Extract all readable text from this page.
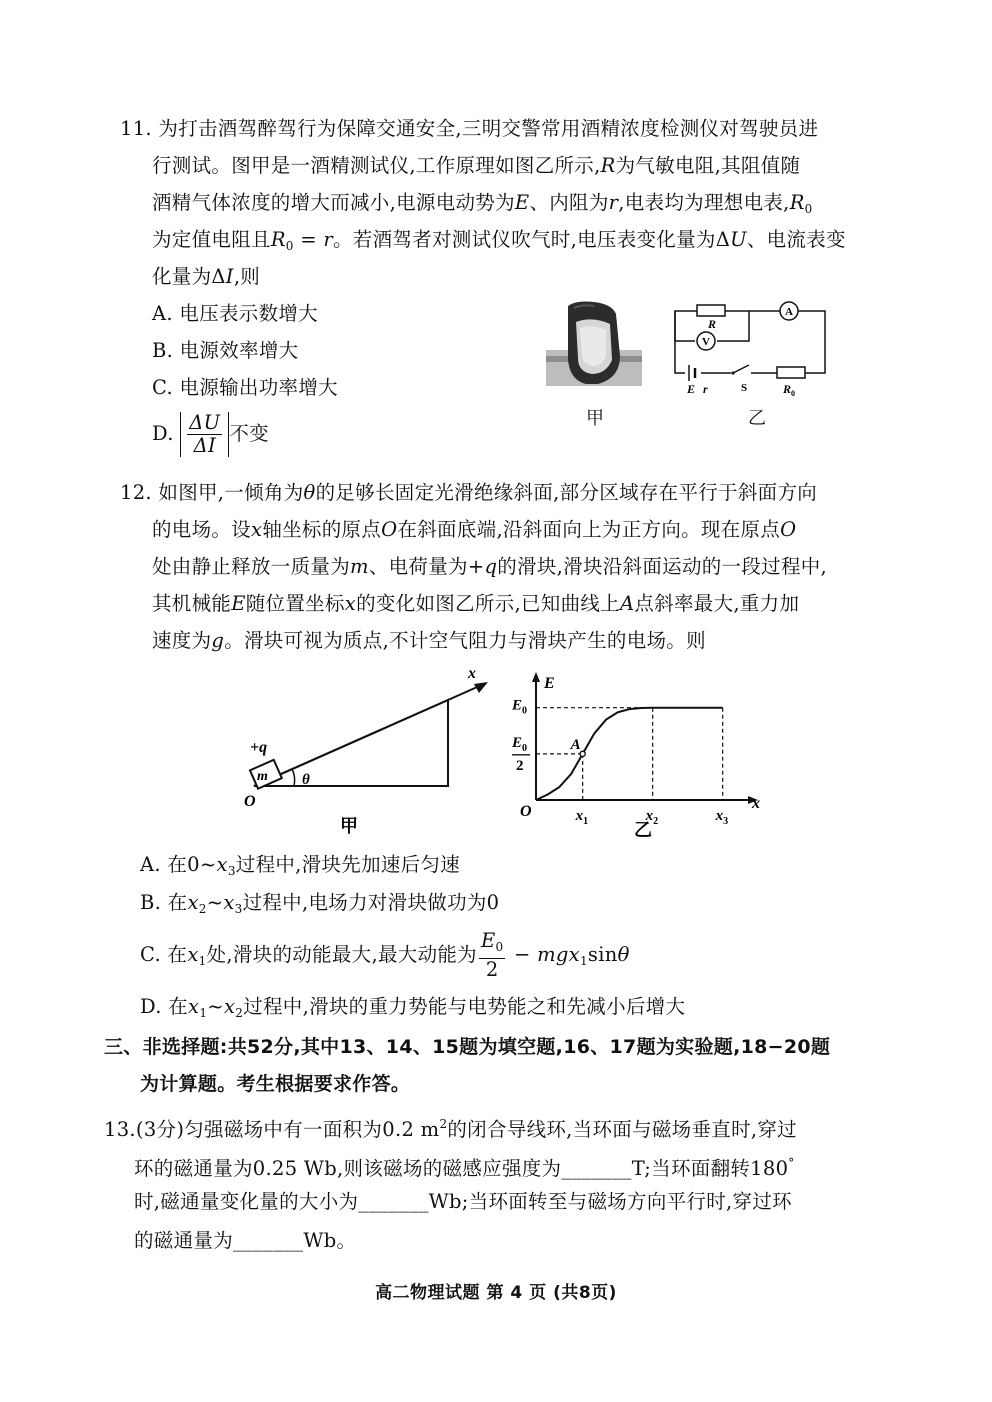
11. 为打击酒驾醉驾行为保障交通安全,三明交警常用酒精浓度检测仪对驾驶员进
行测试。图甲是一酒精测试仪,工作原理如图乙所示,R为气敏电阻,其阻值随
酒精气体浓度的增大而减小,电源电动势为E、内阻为r,电表均为理想电表$,R_0$
为定值电阻且$R_0 = r$。若酒驾者对测试仪吹气时,电压表变化量为ΔU、电流表变
化量为ΔI,则
A. 电压表示数增大
B. 电源效率增大
C. 电源输出功率增大
D. $\frac{\Delta U}{\Delta I}$ 不变
甲
R
V
A
E r	S	$R_0$
乙
12. 如图甲,一倾角为θ的足够长固定光滑绝缘斜面,部分区域存在平行于斜面方向
的电场。设x轴坐标的原点O在斜面底端,沿斜面向上为正方向。现在原点O
处由静止释放一质量为m、电荷量为+q的滑块,滑块沿斜面运动的一段过程中,
其机械能E随位置坐标x的变化如图乙所示,已知曲线上A点斜率最大,重力加
速度为g。滑块可视为质点,不计空气阻力与滑块产生的电场。则
x
m
+q
O
θ
甲
x
E
O	$x_1$	$x_2$	$x_3$
$E_0$
$E_0$
2
A
乙
A. 在$0\sim x_3$过程中,滑块先加速后匀速
B. 在$x_2\sim x_3$过程中,电场力对滑块做功为0
C. 在$x_1$处,滑块的动能最大,最大动能为 $\frac{E_0}{2} - mgx_1\sin\theta$
D. 在$x_1\sim x_2$过程中,滑块的重力势能与电势能之和先减小后增大
三、非选择题:共52分,其中13、14、15题为填空题,16、17题为实验题,18−20题
为计算题。考生根据要求作答。
13.(3分)匀强磁场中有一面积为0.2 $m^2$的闭合导线环,当环面与磁场垂直时,穿过
环的磁通量为0.25 Wb,则该磁场的磁感应强度为_______T;当环面翻转180°
时,磁通量变化量的大小为_______Wb;当环面转至与磁场方向平行时,穿过环
的磁通量为_______Wb。
高二物理试题 第 4 页 (共8页)
